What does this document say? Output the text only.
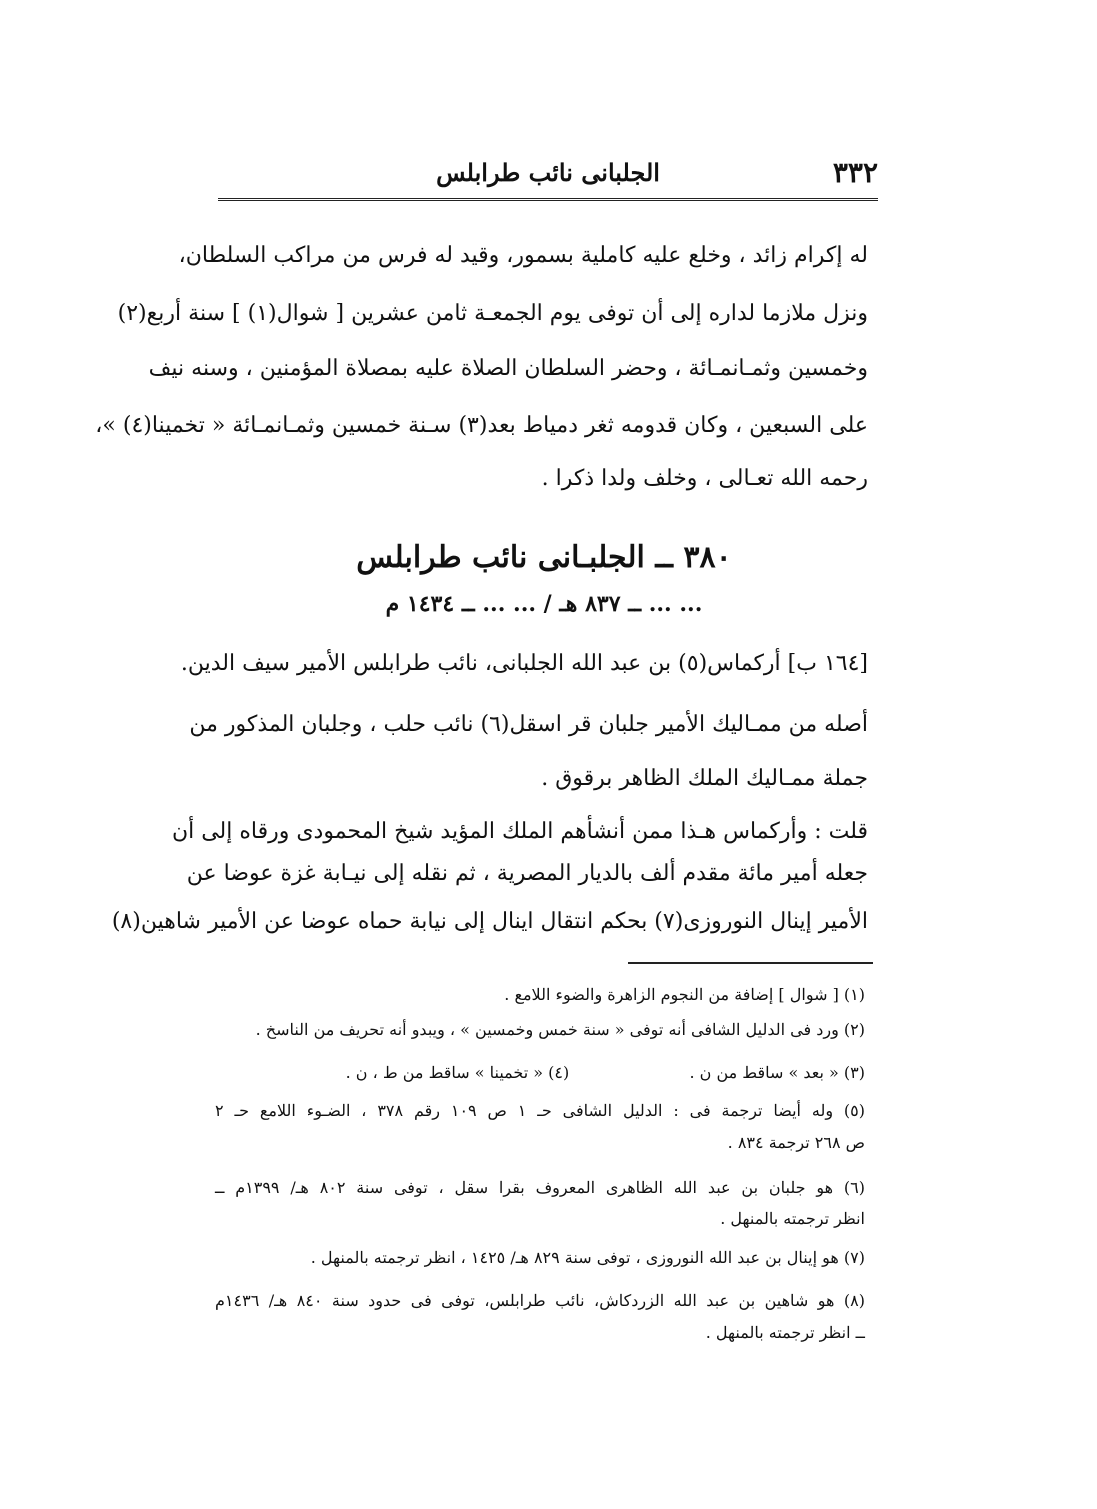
٣٣٢
الجلبانى نائب طرابلس
له إكرام زائد ، وخلع عليه كاملية بسمور، وقيد له فرس من مراكب السلطان،
ونزل ملازما لداره إلى أن توفى يوم الجمعـة ثامن عشرين [ شوال(١) ] سنة أربع(٢)
وخمسين وثمـانمـائة ، وحضر السلطان الصلاة عليه بمصلاة المؤمنين ، وسنه نيف
على السبعين ، وكان قدومه ثغر دمياط بعد(٣) سـنة خمسين وثمـانمـائة « تخمينا(٤) »،
رحمه الله تعـالى ، وخلف ولدا ذكرا .
٣٨٠ ــ الجلبـانى نائب طرابلس
... ... ــ ٨٣٧ هـ / ... ... ــ ١٤٣٤ م
[١٦٤ ب] أركماس(٥) بن عبد الله الجلبانى، نائب طرابلس الأمير سيف الدين.
أصله من ممـاليك الأمير جلبان قر اسقل(٦) نائب حلب ، وجلبان المذكور من
جملة ممـاليك الملك الظاهر برقوق .
قلت : وأركماس هـذا ممن أنشأهم الملك المؤيد شيخ المحمودى ورقاه إلى أن
جعله أمير مائة مقدم ألف بالديار المصرية ، ثم نقله إلى نيـابة غزة عوضا عن
الأمير إينال النوروزى(٧) بحكم انتقال اينال إلى نيابة حماه عوضا عن الأمير شاهين(٨)
(١) [ شوال ] إضافة من النجوم الزاهرة والضوء اللامع .
(٢) ورد فى الدليل الشافى أنه توفى « سنة خمس وخمسين » ، ويبدو أنه تحريف من الناسخ .
(٣) « بعد » ساقط من ن .  (٤) « تخمينا » ساقط من ط ، ن .
(٥) وله أيضا ترجمة فى : الدليل الشافى حـ ١ ص ١٠٩ رقم ٣٧٨ ، الضـوء اللامع حـ ٢
ص ٢٦٨ ترجمة ٨٣٤ .
(٦) هو جلبان بن عبد الله الظاهرى المعروف بقرا سقل ، توفى سنة ٨٠٢ هـ/ ١٣٩٩م ــ
انظر ترجمته بالمنهل .
(٧) هو إينال بن عبد الله النوروزى ، توفى سنة ٨٢٩ هـ/ ١٤٢٥ ، انظر ترجمته بالمنهل .
(٨) هو شاهين بن عبد الله الزردكاش، نائب طرابلس، توفى فى حدود سنة ٨٤٠ هـ/ ١٤٣٦م
ــ انظر ترجمته بالمنهل .
